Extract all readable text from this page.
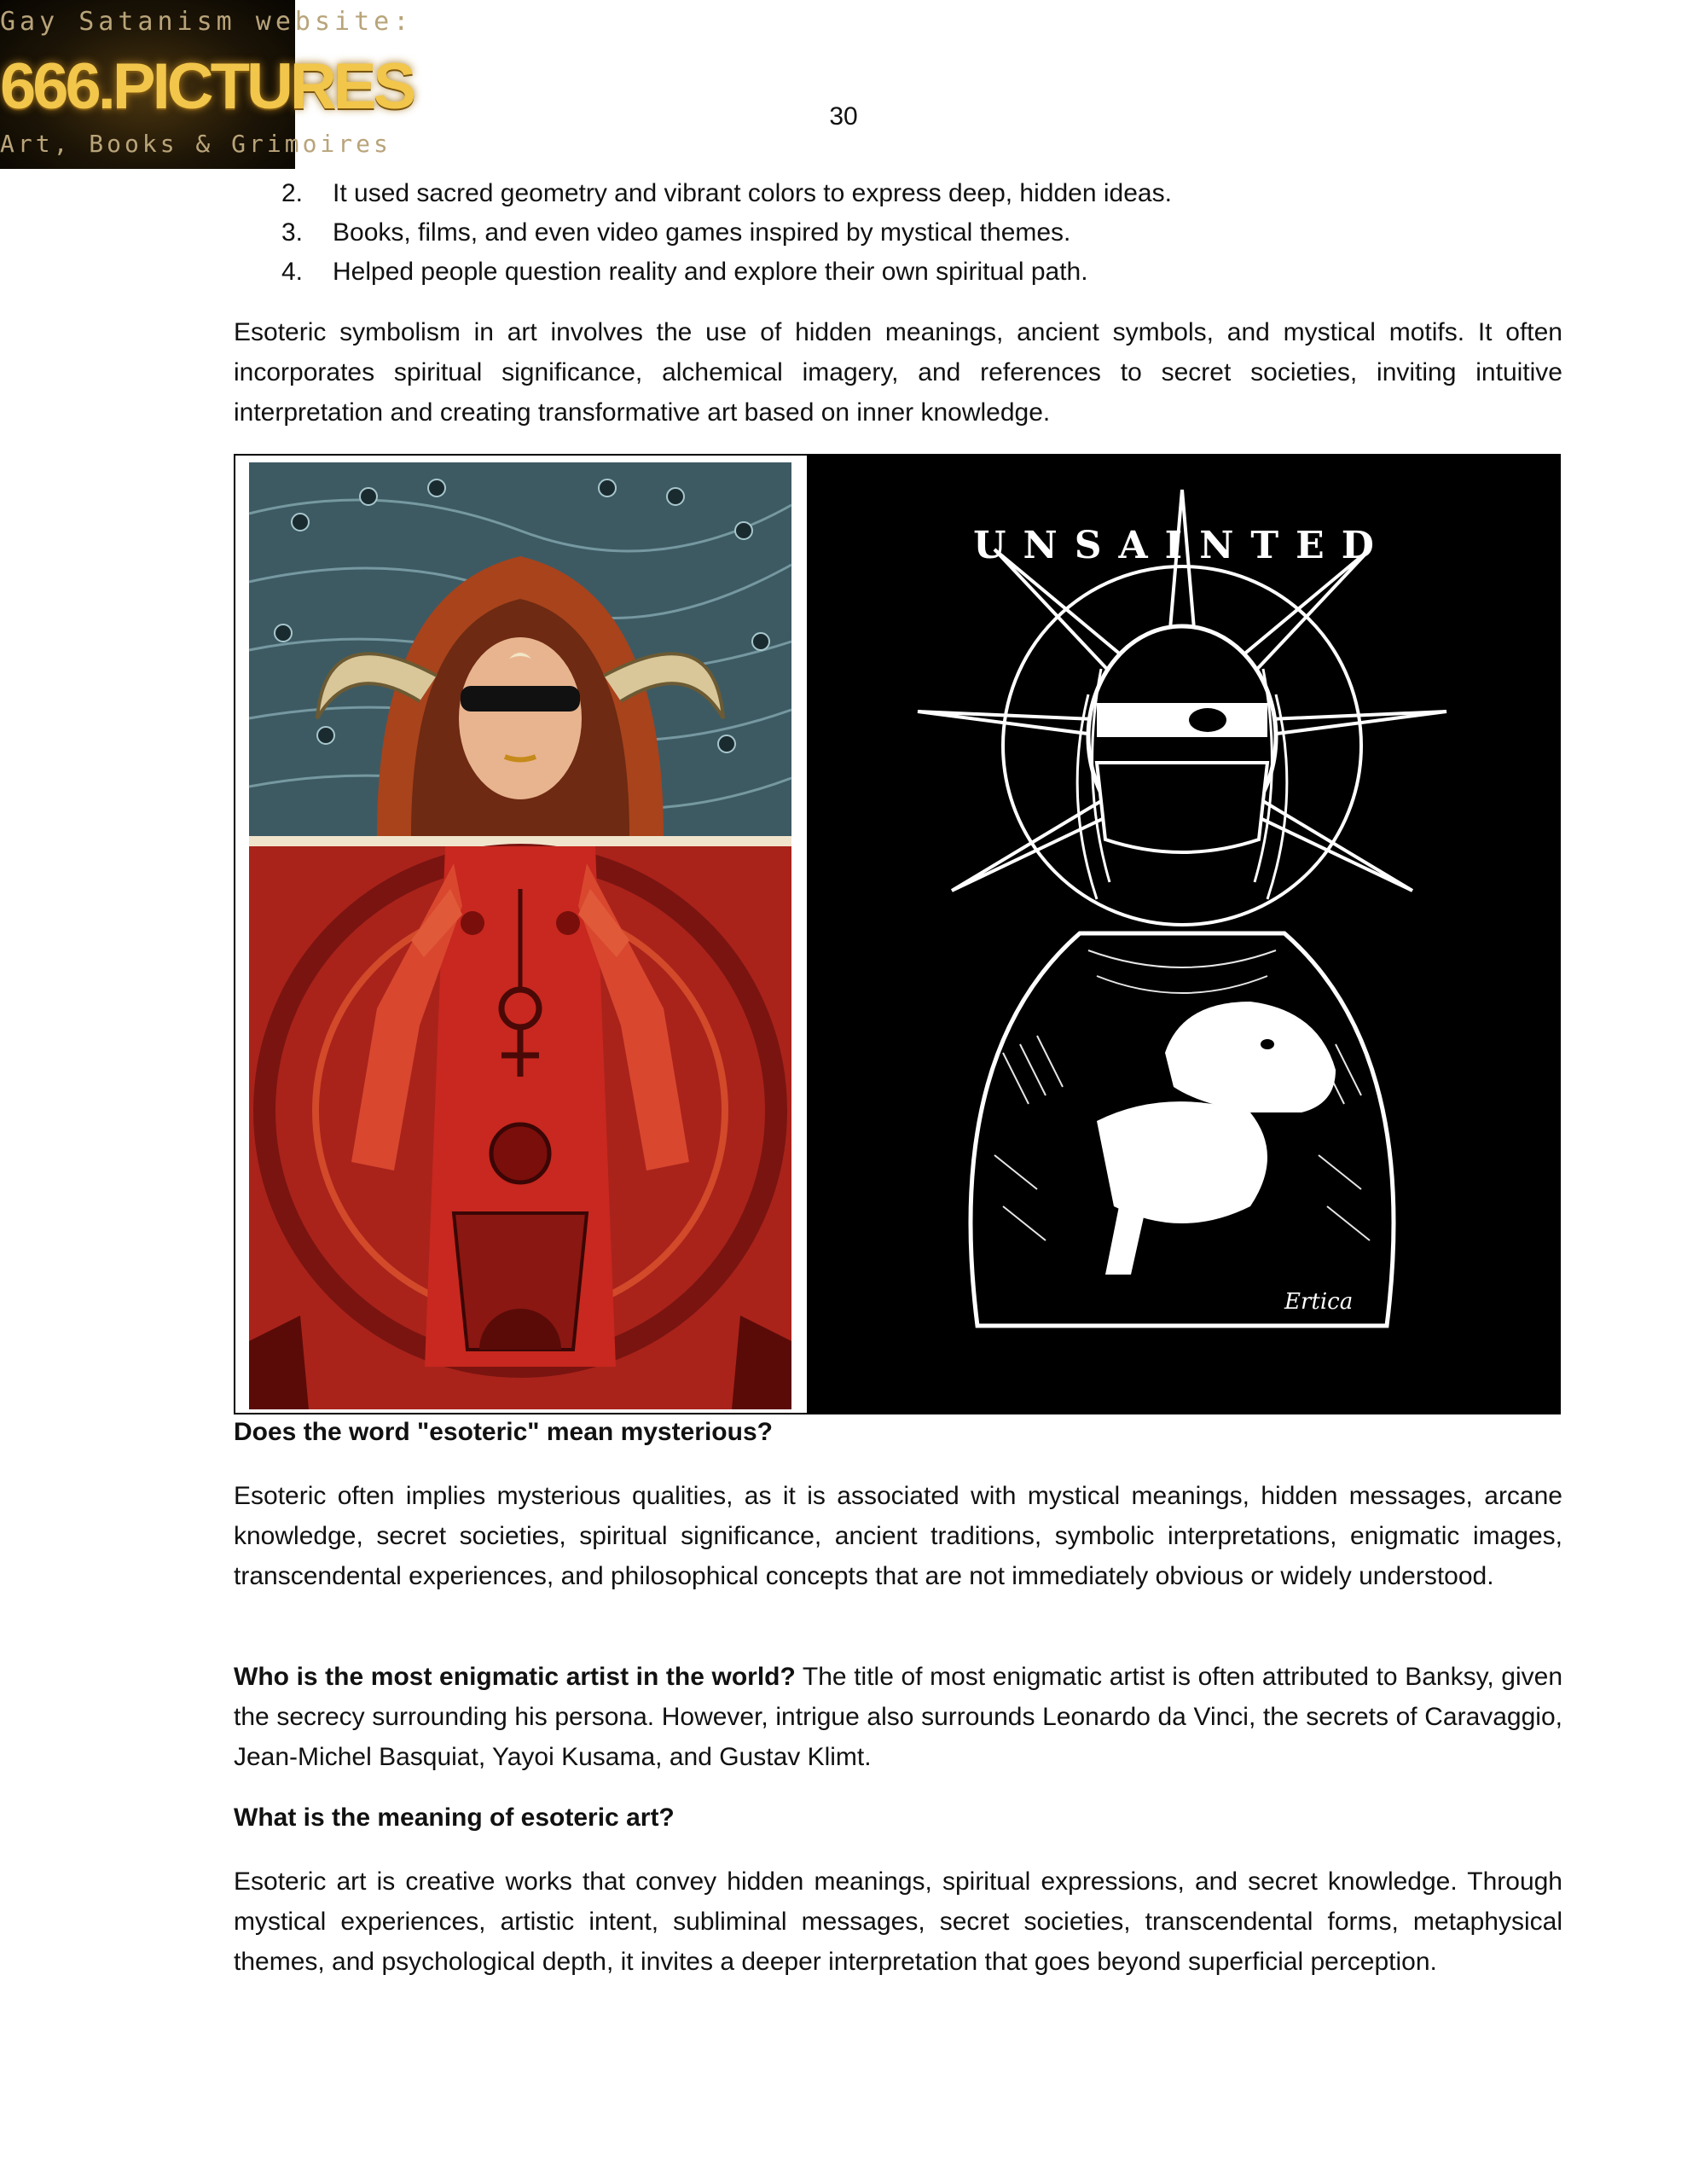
Gay Satanism website:
666.PICTURES
Art, Books & Grimoires
30
2. It used sacred geometry and vibrant colors to express deep, hidden ideas.
3. Books, films, and even video games inspired by mystical themes.
4. Helped people question reality and explore their own spiritual path.

Esoteric symbolism in art involves the use of hidden meanings, ancient symbols, and mystical motifs. It often incorporates spiritual significance, alchemical imagery, and references to secret societies, inviting intuitive interpretation and creating transformative art based on inner knowledge.

UNSAINTED
Ertica
Does the word "esoteric" mean mysterious?

Esoteric often implies mysterious qualities, as it is associated with mystical meanings, hidden messages, arcane knowledge, secret societies, spiritual significance, ancient traditions, symbolic interpretations, enigmatic images, transcendental experiences, and philosophical concepts that are not immediately obvious or widely understood.

Who is the most enigmatic artist in the world? The title of most enigmatic artist is often attributed to Banksy, given the secrecy surrounding his persona. However, intrigue also surrounds Leonardo da Vinci, the secrets of Caravaggio, Jean-Michel Basquiat, Yayoi Kusama, and Gustav Klimt.

What is the meaning of esoteric art?

Esoteric art is creative works that convey hidden meanings, spiritual expressions, and secret knowledge. Through mystical experiences, artistic intent, subliminal messages, secret societies, transcendental forms, metaphysical themes, and psychological depth, it invites a deeper interpretation that goes beyond superficial perception.
